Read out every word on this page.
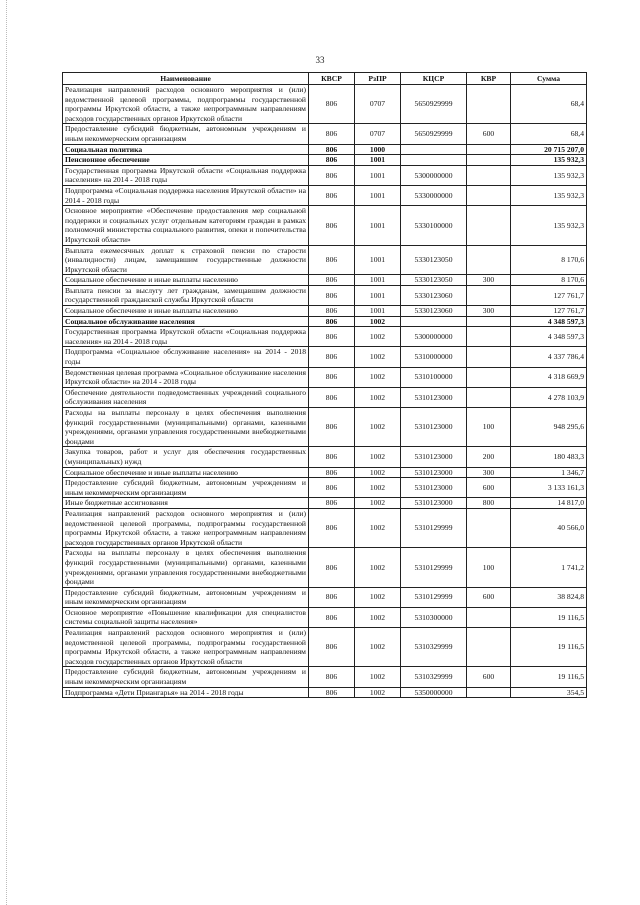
33
Наименование	КВСР	РзПР	КЦСР	КВР	Сумма
Реализация направлений расходов основного мероприятия и (или) ведомственной целевой программы, подпрограммы государственной программы Иркутской области, а также непрограммным направлениям расходов государственных органов Иркутской области	806	0707	5650929999		68,4
Предоставление субсидий бюджетным, автономным учреждениям и иным некоммерческим организациям	806	0707	5650929999	600	68,4
Социальная политика	806	1000			20 715 207,0
Пенсионное обеспечение	806	1001			135 932,3
Государственная программа Иркутской области «Социальная поддержка населения» на 2014 - 2018 годы	806	1001	5300000000		135 932,3
Подпрограмма «Социальная поддержка населения Иркутской области» на 2014 - 2018 годы	806	1001	5330000000		135 932,3
Основное мероприятие «Обеспечение предоставления мер социальной поддержки и социальных услуг отдельным категориям граждан в рамках полномочий министерства социального развития, опеки и попечительства Иркутской области»	806	1001	5330100000		135 932,3
Выплата ежемесячных доплат к страховой пенсии по старости (инвалидности) лицам, замещавшим государственные должности Иркутской области	806	1001	5330123050		8 170,6
Социальное обеспечение и иные выплаты населению	806	1001	5330123050	300	8 170,6
Выплата пенсии за выслугу лет гражданам, замещавшим должности государственной гражданской службы Иркутской области	806	1001	5330123060		127 761,7
Социальное обеспечение и иные выплаты населению	806	1001	5330123060	300	127 761,7
Социальное обслуживание населения	806	1002			4 348 597,3
Государственная программа Иркутской области «Социальная поддержка населения» на 2014 - 2018 годы	806	1002	5300000000		4 348 597,3
Подпрограмма «Социальное обслуживание населения» на 2014 - 2018 годы	806	1002	5310000000		4 337 786,4
Ведомственная целевая программа «Социальное обслуживание населения Иркутской области» на 2014 - 2018 годы	806	1002	5310100000		4 318 669,9
Обеспечение деятельности подведомственных учреждений социального обслуживания населения	806	1002	5310123000		4 278 103,9
Расходы на выплаты персоналу в целях обеспечения выполнения функций государственными (муниципальными) органами, казенными учреждениями, органами управления государственными внебюджетными фондами	806	1002	5310123000	100	948 295,6
Закупка товаров, работ и услуг для обеспечения государственных (муниципальных) нужд	806	1002	5310123000	200	180 483,3
Социальное обеспечение и иные выплаты населению	806	1002	5310123000	300	1 346,7
Предоставление субсидий бюджетным, автономным учреждениям и иным некоммерческим организациям	806	1002	5310123000	600	3 133 161,3
Иные бюджетные ассигнования	806	1002	5310123000	800	14 817,0
Реализация направлений расходов основного мероприятия и (или) ведомственной целевой программы, подпрограммы государственной программы Иркутской области, а также непрограммным направлениям расходов государственных органов Иркутской области	806	1002	5310129999		40 566,0
Расходы на выплаты персоналу в целях обеспечения выполнения функций государственными (муниципальными) органами, казенными учреждениями, органами управления государственными внебюджетными фондами	806	1002	5310129999	100	1 741,2
Предоставление субсидий бюджетным, автономным учреждениям и иным некоммерческим организациям	806	1002	5310129999	600	38 824,8
Основное мероприятие «Повышение квалификации для специалистов системы социальной защиты населения»	806	1002	5310300000		19 116,5
Реализация направлений расходов основного мероприятия и (или) ведомственной целевой программы, подпрограммы государственной программы Иркутской области, а также непрограммным направлениям расходов государственных органов Иркутской области	806	1002	5310329999		19 116,5
Предоставление субсидий бюджетным, автономным учреждениям и иным некоммерческим организациям	806	1002	5310329999	600	19 116,5
Подпрограмма «Дети Приангарья» на 2014 - 2018 годы	806	1002	5350000000		354,5
